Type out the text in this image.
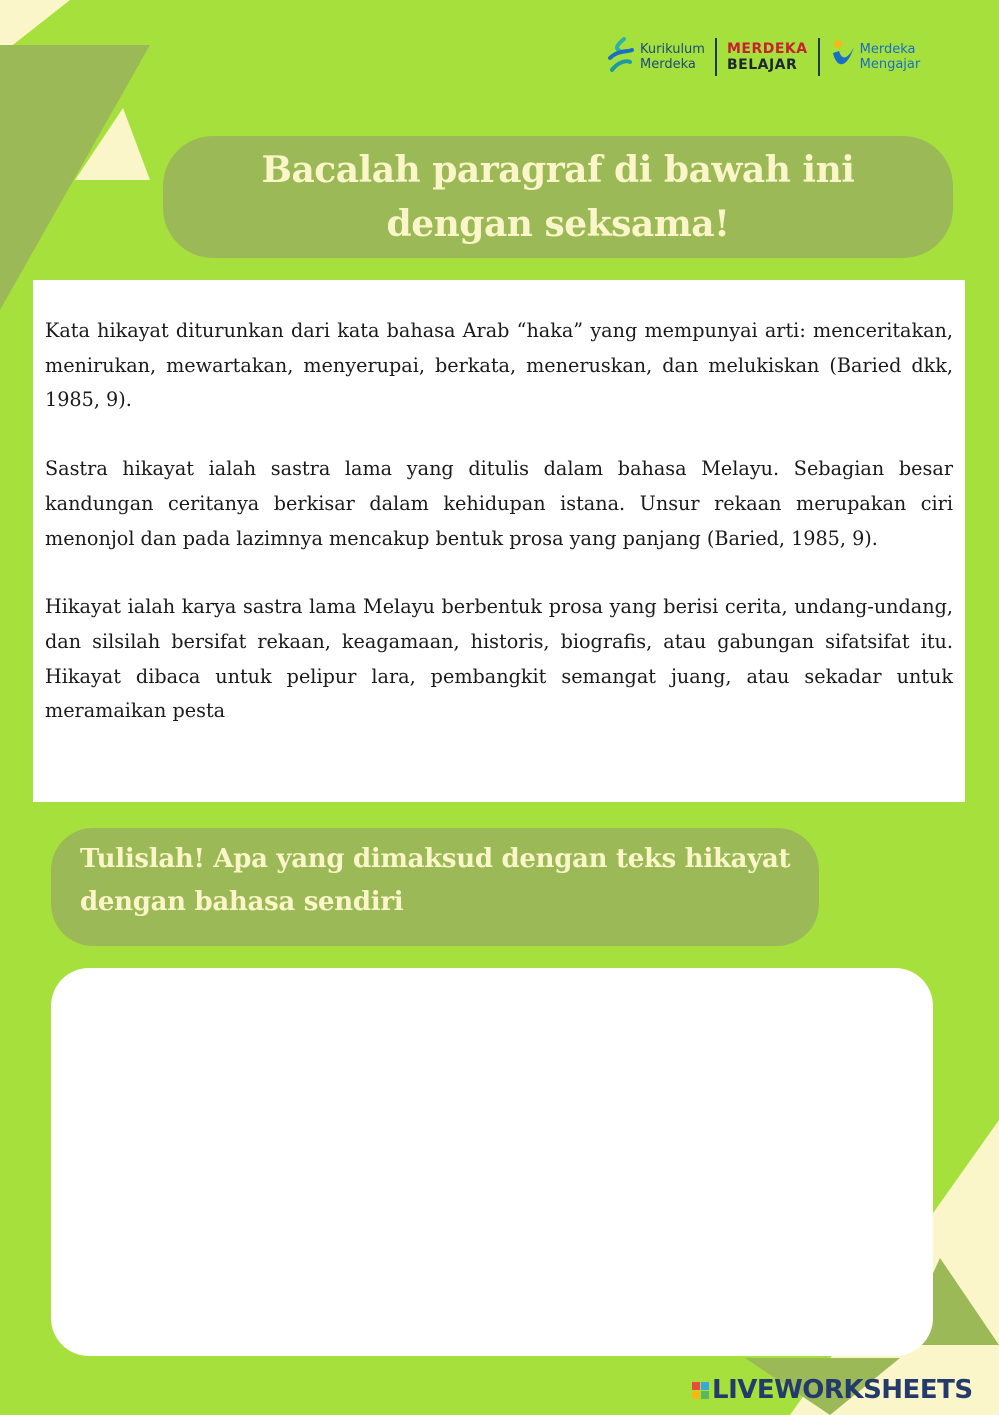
Kurikulum
Merdeka
MERDEKA
BELAJAR
Merdeka
Mengajar
Bacalah paragraf di bawah ini
dengan seksama!

Kata hikayat diturunkan dari kata bahasa Arab “haka” yang mempunyai arti: menceritakan, menirukan, mewartakan, menyerupai, berkata, meneruskan, dan melukiskan (Baried dkk, 1985, 9).

Sastra hikayat ialah sastra lama yang ditulis dalam bahasa Melayu. Sebagian besar kandungan ceritanya berkisar dalam kehidupan istana. Unsur rekaan merupakan ciri menonjol dan pada lazimnya mencakup bentuk prosa yang panjang (Baried, 1985, 9).

Hikayat ialah karya sastra lama Melayu berbentuk prosa yang berisi cerita, undang-undang, dan silsilah bersifat rekaan, keagamaan, historis, biografis, atau gabungan sifatsifat itu. Hikayat dibaca untuk pelipur lara, pembangkit semangat juang, atau sekadar untuk meramaikan pesta

Tulislah! Apa yang dimaksud dengan teks hikayat
dengan bahasa sendiri
LIVEWORKSHEETS
